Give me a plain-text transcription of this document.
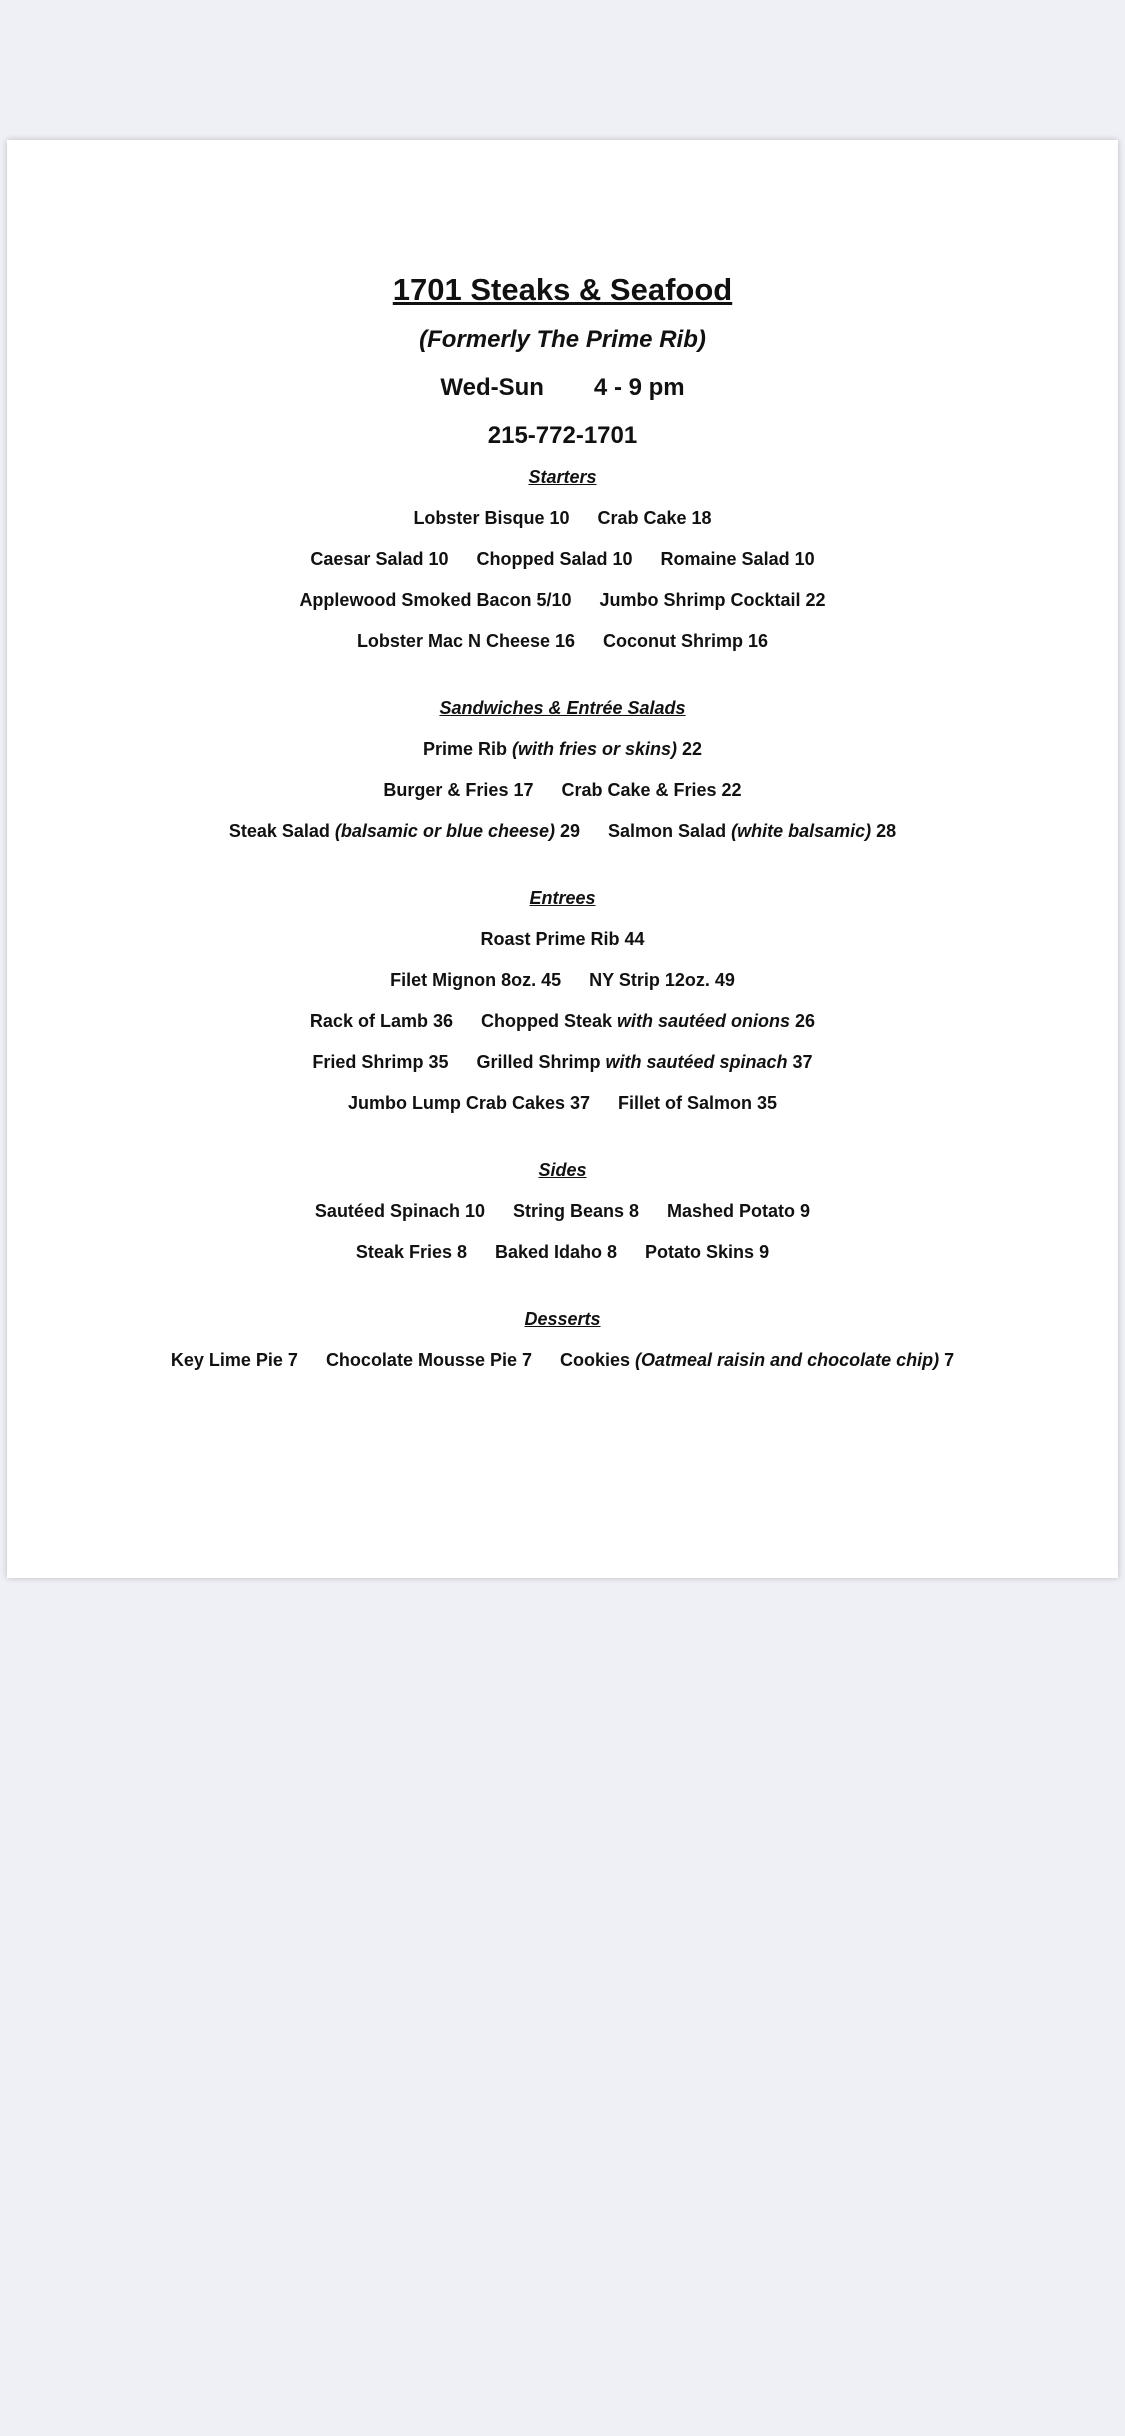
1701 Steaks & Seafood
(Formerly The Prime Rib)
Wed-Sun 4 - 9 pm
215-772-1701
Starters
Lobster Bisque 10 Crab Cake 18
Caesar Salad 10 Chopped Salad 10 Romaine Salad 10
Applewood Smoked Bacon 5/10 Jumbo Shrimp Cocktail 22
Lobster Mac N Cheese 16 Coconut Shrimp 16
Sandwiches & Entrée Salads
Prime Rib (with fries or skins) 22
Burger & Fries 17 Crab Cake & Fries 22
Steak Salad (balsamic or blue cheese) 29 Salmon Salad (white balsamic) 28
Entrees
Roast Prime Rib 44
Filet Mignon 8oz. 45 NY Strip 12oz. 49
Rack of Lamb 36 Chopped Steak with sautéed onions 26
Fried Shrimp 35 Grilled Shrimp with sautéed spinach 37
Jumbo Lump Crab Cakes 37 Fillet of Salmon 35
Sides
Sautéed Spinach 10 String Beans 8 Mashed Potato 9
Steak Fries 8 Baked Idaho 8 Potato Skins 9
Desserts
Key Lime Pie 7 Chocolate Mousse Pie 7 Cookies (Oatmeal raisin and chocolate chip) 7
